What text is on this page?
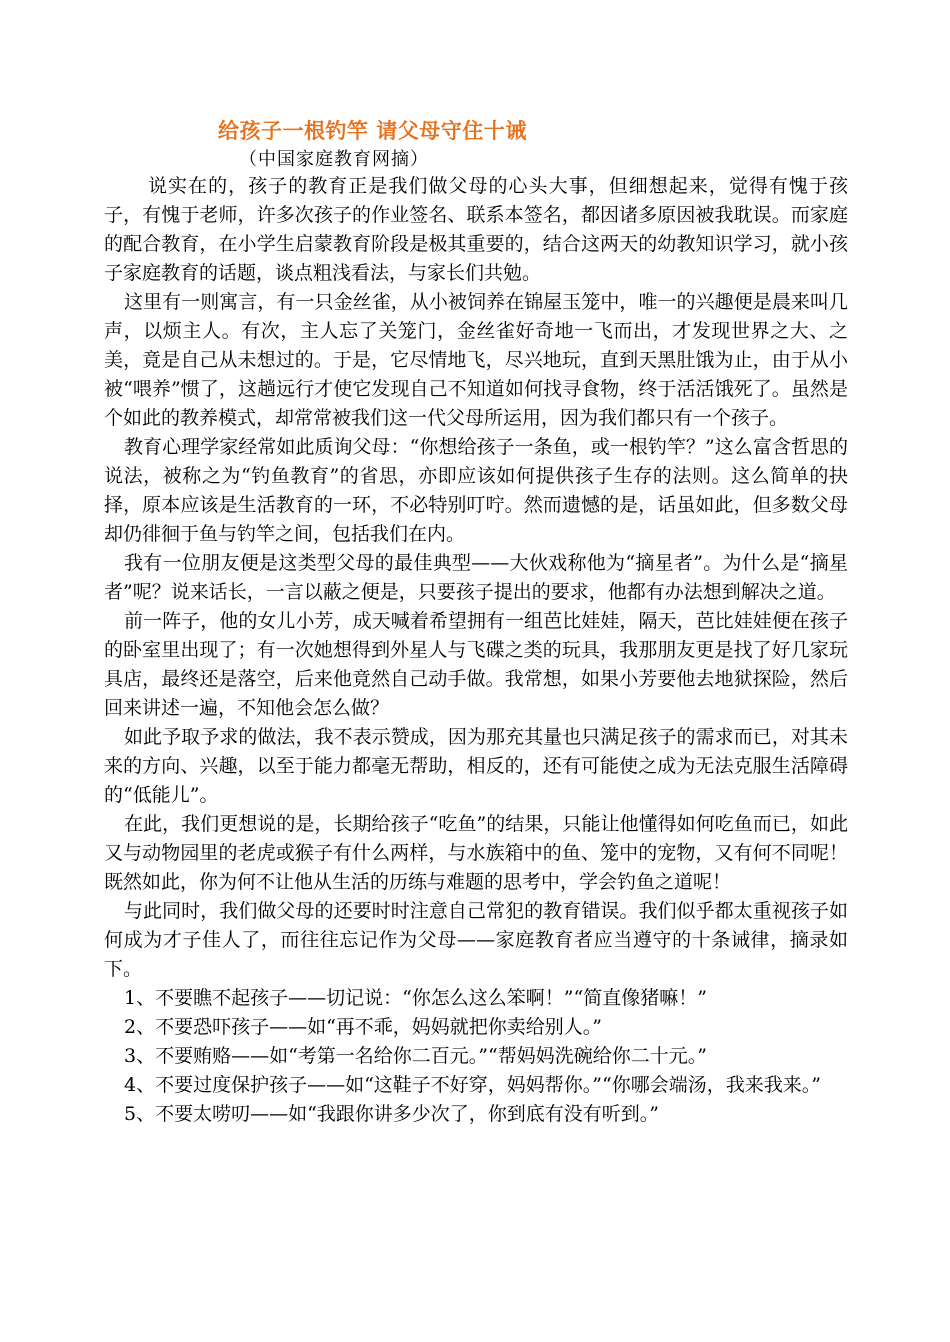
给孩子一根钓竿 请父母守住十诫
（中国家庭教育网摘）

说实在的，孩子的教育正是我们做父母的心头大事，但细想起来，觉得有愧于孩子，有愧于老师，许多次孩子的作业签名、联系本签名，都因诸多原因被我耽误。而家庭的配合教育，在小学生启蒙教育阶段是极其重要的，结合这两天的幼教知识学习，就小孩子家庭教育的话题，谈点粗浅看法，与家长们共勉。

这里有一则寓言，有一只金丝雀，从小被饲养在锦屋玉笼中，唯一的兴趣便是晨来叫几声，以烦主人。有次，主人忘了关笼门，金丝雀好奇地一飞而出，才发现世界之大、之美，竟是自己从未想过的。于是，它尽情地飞，尽兴地玩，直到天黑肚饿为止，由于从小被“喂养”惯了，这趟远行才使它发现自己不知道如何找寻食物，终于活活饿死了。虽然是个如此的教养模式，却常常被我们这一代父母所运用，因为我们都只有一个孩子。

教育心理学家经常如此质询父母：“你想给孩子一条鱼，或一根钓竿？”这么富含哲思的说法，被称之为“钓鱼教育”的省思，亦即应该如何提供孩子生存的法则。这么简单的抉择，原本应该是生活教育的一环，不必特别叮咛。然而遗憾的是，话虽如此，但多数父母却仍徘徊于鱼与钓竿之间，包括我们在内。

我有一位朋友便是这类型父母的最佳典型——大伙戏称他为“摘星者”。为什么是“摘星者”呢？说来话长，一言以蔽之便是，只要孩子提出的要求，他都有办法想到解决之道。

前一阵子，他的女儿小芳，成天喊着希望拥有一组芭比娃娃，隔天，芭比娃娃便在孩子的卧室里出现了；有一次她想得到外星人与飞碟之类的玩具，我那朋友更是找了好几家玩具店，最终还是落空，后来他竟然自己动手做。我常想，如果小芳要他去地狱探险，然后回来讲述一遍，不知他会怎么做？

如此予取予求的做法，我不表示赞成，因为那充其量也只满足孩子的需求而已，对其未来的方向、兴趣，以至于能力都毫无帮助，相反的，还有可能使之成为无法克服生活障碍的“低能儿”。

在此，我们更想说的是，长期给孩子“吃鱼”的结果，只能让他懂得如何吃鱼而已，如此又与动物园里的老虎或猴子有什么两样，与水族箱中的鱼、笼中的宠物，又有何不同呢！既然如此，你为何不让他从生活的历练与难题的思考中，学会钓鱼之道呢！

与此同时，我们做父母的还要时时注意自己常犯的教育错误。我们似乎都太重视孩子如何成为才子佳人了，而往往忘记作为父母——家庭教育者应当遵守的十条诫律，摘录如下。

1、不要瞧不起孩子——切记说：“你怎么这么笨啊！”“简直像猪嘛！”

2、不要恐吓孩子——如“再不乖，妈妈就把你卖给别人。”

3、不要贿赂——如“考第一名给你二百元。”“帮妈妈洗碗给你二十元。”

4、不要过度保护孩子——如“这鞋子不好穿，妈妈帮你。”“你哪会端汤，我来我来。”

5、不要太唠叨——如“我跟你讲多少次了，你到底有没有听到。”
